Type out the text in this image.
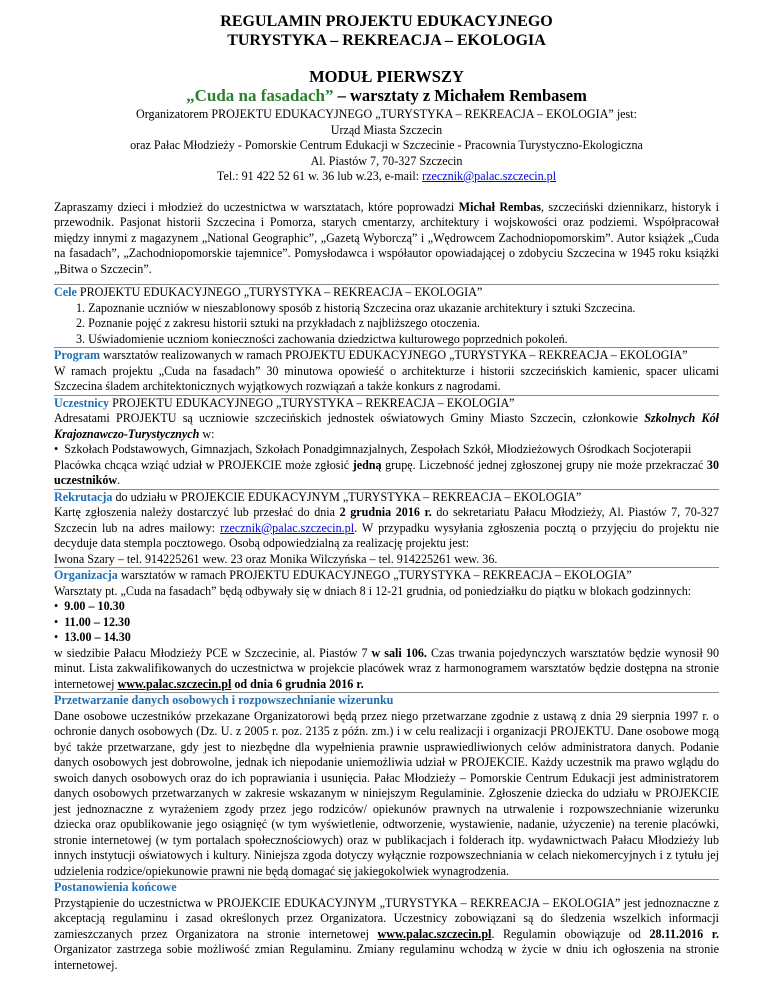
REGULAMIN PROJEKTU EDUKACYJNEGO
TURYSTYKA – REKREACJA – EKOLOGIA
MODUŁ PIERWSZY
„Cuda na fasadach” – warsztaty z Michałem Rembasem
Organizatorem PROJEKTU EDUKACYJNEGO „TURYSTYKA – REKREACJA – EKOLOGIA” jest:
Urząd Miasta Szczecin
oraz Pałac Młodzieży - Pomorskie Centrum Edukacji w Szczecinie - Pracownia Turystyczno-Ekologiczna
Al. Piastów 7, 70-327 Szczecin
Tel.: 91 422 52 61 w. 36 lub w.23, e-mail: rzecznik@palac.szczecin.pl
Zapraszamy dzieci i młodzież do uczestnictwa w warsztatach, które poprowadzi Michał Rembas, szczeciński dziennikarz, historyk i przewodnik. Pasjonat historii Szczecina i Pomorza, starych cmentarzy, architektury i wojskowości oraz podziemi. Współpracował między innymi z magazynem „National Geographic”, „Gazetą Wyborczą” i „Wędrowcem Zachodniopomorskim”. Autor książek „Cuda na fasadach”, „Zachodniopomorskie tajemnice”. Pomysłodawca i współautor opowiadającej o zdobyciu Szczecina w 1945 roku książki „Bitwa o Szczecin”.
Cele PROJEKTU EDUKACYJNEGO „TURYSTYKA – REKREACJA – EKOLOGIA”
1. Zapoznanie uczniów w nieszablonowy sposób z historią Szczecina oraz ukazanie architektury i sztuki Szczecina.
2. Poznanie pojęć z zakresu historii sztuki na przykładach z najbliższego otoczenia.
3. Uświadomienie uczniom konieczności zachowania dziedzictwa kulturowego poprzednich pokoleń.
Program warsztatów realizowanych w ramach PROJEKTU EDUKACYJNEGO „TURYSTYKA – REKREACJA – EKOLOGIA”
W ramach projektu „Cuda na fasadach” 30 minutowa opowieść o architekturze i historii szczecińskich kamienic, spacer ulicami Szczecina śladem architektonicznych wyjątkowych rozwiązań a także konkurs z nagrodami.
Uczestnicy PROJEKTU EDUKACYJNEGO „TURYSTYKA – REKREACJA – EKOLOGIA”
Adresatami PROJEKTU są uczniowie szczecińskich jednostek oświatowych Gminy Miasto Szczecin, członkowie Szkolnych Kół Krajoznawczo-Turystycznych w:
•  Szkołach Podstawowych, Gimnazjach, Szkołach Ponadgimnazjalnych, Zespołach Szkół, Młodzieżowych Ośrodkach Socjoterapii
Placówka chcąca wziąć udział w PROJEKCIE może zgłosić jedną grupę. Liczebność jednej zgłoszonej grupy nie może przekraczać 30 uczestników.
Rekrutacja do udziału w PROJEKCIE EDUKACYJNYM „TURYSTYKA – REKREACJA – EKOLOGIA”
Kartę zgłoszenia należy dostarczyć lub przesłać do dnia 2 grudnia 2016 r. do sekretariatu Pałacu Młodzieży, Al. Piastów 7, 70-327 Szczecin lub na adres mailowy: rzecznik@palac.szczecin.pl. W przypadku wysyłania zgłoszenia pocztą o przyjęciu do projektu nie decyduje data stempla pocztowego. Osobą odpowiedzialną za realizację projektu jest:
Iwona Szary – tel. 914225261 wew. 23 oraz Monika Wilczyńska – tel. 914225261 wew. 36.
Organizacja warsztatów w ramach PROJEKTU EDUKACYJNEGO „TURYSTYKA – REKREACJA – EKOLOGIA”
Warsztaty pt. „Cuda na fasadach” będą odbywały się w dniach 8 i 12-21 grudnia, od poniedziałku do piątku w blokach godzinnych:
•  9.00 – 10.30
•  11.00 – 12.30
•  13.00 – 14.30
w siedzibie Pałacu Młodzieży PCE w Szczecinie, al. Piastów 7 w sali 106. Czas trwania pojedynczych warsztatów będzie wynosił 90 minut. Lista zakwalifikowanych do uczestnictwa w projekcie placówek wraz z harmonogramem warsztatów będzie dostępna na stronie internetowej www.palac.szczecin.pl od dnia 6 grudnia 2016 r.
Przetwarzanie danych osobowych i rozpowszechnianie wizerunku
Dane osobowe uczestników przekazane Organizatorowi będą przez niego przetwarzane zgodnie z ustawą z dnia 29 sierpnia 1997 r. o ochronie danych osobowych (Dz. U. z 2005 r. poz. 2135 z późn. zm.) i w celu realizacji i organizacji PROJEKTU. Dane osobowe mogą być także przetwarzane, gdy jest to niezbędne dla wypełnienia prawnie usprawiedliwionych celów administratora danych. Podanie danych osobowych jest dobrowolne, jednak ich niepodanie uniemożliwia udział w PROJEKCIE. Każdy uczestnik ma prawo wglądu do swoich danych osobowych oraz do ich poprawiania i usunięcia. Pałac Młodzieży – Pomorskie Centrum Edukacji jest administratorem danych osobowych przetwarzanych w zakresie wskazanym w niniejszym Regulaminie. Zgłoszenie dziecka do udziału w PROJEKCIE jest jednoznaczne z wyrażeniem zgody przez jego rodziców/ opiekunów prawnych na utrwalenie i rozpowszechnianie wizerunku dziecka oraz opublikowanie jego osiągnięć (w tym wyświetlenie, odtworzenie, wystawienie, nadanie, użyczenie) na terenie placówki, stronie internetowej (w tym portalach społecznościowych) oraz w publikacjach i folderach itp. wydawnictwach Pałacu Młodzieży lub innych instytucji oświatowych i kultury. Niniejsza zgoda dotyczy wyłącznie rozpowszechniania w celach niekomercyjnych i z tytułu jej udzielenia rodzice/opiekunowie prawni nie będą domagać się jakiegokolwiek wynagrodzenia.
Postanowienia końcowe
Przystąpienie do uczestnictwa w PROJEKCIE EDUKACYJNYM „TURYSTYKA – REKREACJA – EKOLOGIA” jest jednoznaczne z akceptacją regulaminu i zasad określonych przez Organizatora. Uczestnicy zobowiązani są do śledzenia wszelkich informacji zamieszczanych przez Organizatora na stronie internetowej www.palac.szczecin.pl. Regulamin obowiązuje od 28.11.2016 r. Organizator zastrzega sobie możliwość zmian Regulaminu. Zmiany regulaminu wchodzą w życie w dniu ich ogłoszenia na stronie internetowej.
